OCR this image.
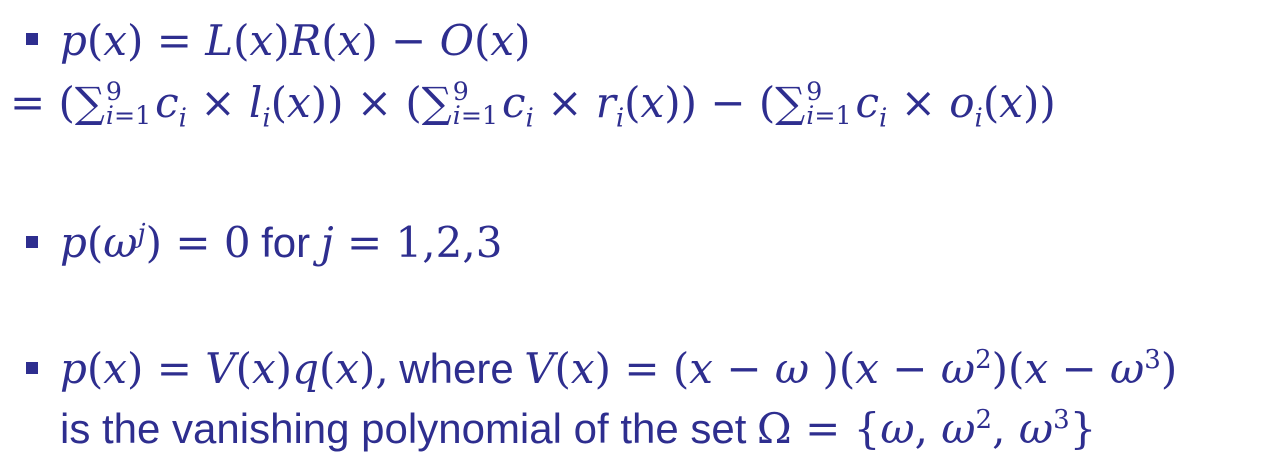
p(x) = L(x)R(x) − O(x)
= (∑ 9
i=1 $c_i \times l_i(x)$) × (∑ 9
i=1 $c_i \times r_i(x)$) − (∑ 9
i=1 $c_i \times o_i(x)$)
$p(\omega^j) = 0$ for j = 1,2,3
p(x) = V(x)q(x), where V(x) = (x − ω )$(x - \omega^2)(x - \omega^3)$
is the vanishing polynomial of the set Ω = {ω, $\omega^2$, $\omega^3$}
